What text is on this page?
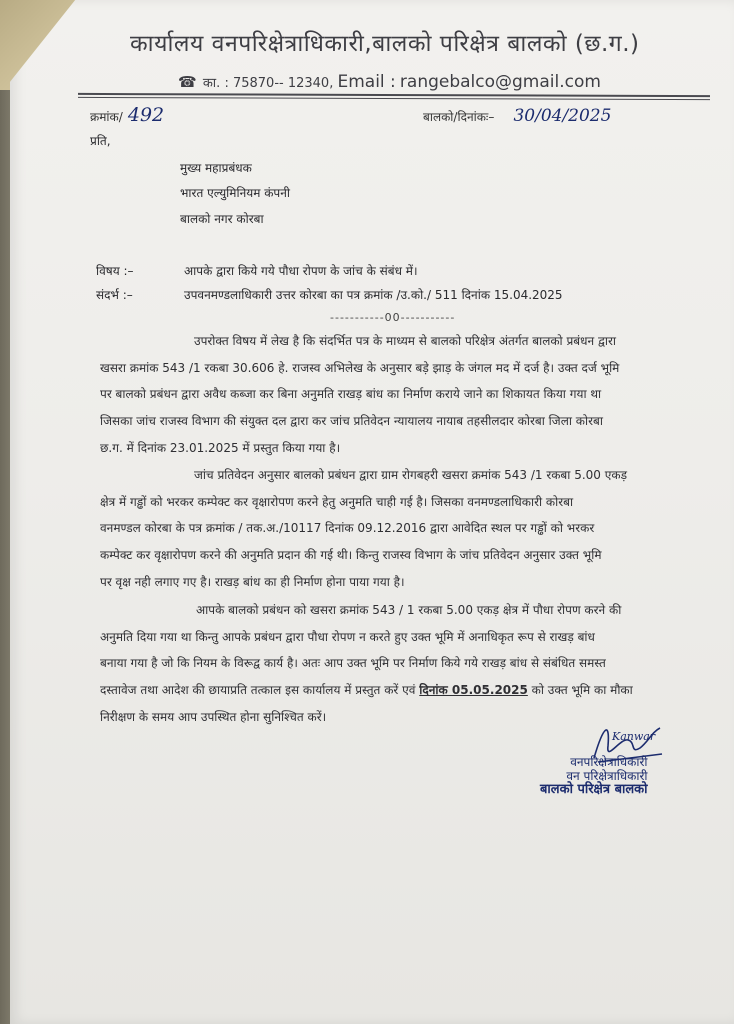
कार्यालय वनपरिक्षेत्राधिकारी,बालको परिक्षेत्र बालको (छ.ग.)
☎ का. : 75870-- 12340, Email : rangebalco@gmail.com
क्रमांक/ 492	बालको/दिनांकः– 30/04/2025
प्रति,
मुख्य महाप्रबंधक
भारत एल्युमिनियम कंपनी
बालको नगर कोरबा
विषय :–	आपके द्वारा किये गये पौधा रोपण के जांच के संबंध में।
संदर्भ :–	उपवनमण्डलाधिकारी उत्तर कोरबा का पत्र क्रमांक /उ.को./ 511 दिनांक 15.04.2025
-----------00-----------
उपरोक्त विषय में लेख है कि संदर्भित पत्र के माध्यम से बालको परिक्षेत्र अंतर्गत बालको प्रबंधन द्वारा
खसरा क्रमांक 543 /1 रकबा 30.606 हे. राजस्व अभिलेख के अनुसार बड़े झाड़ के जंगल मद में दर्ज है। उक्त दर्ज भूमि
पर बालको प्रबंधन द्वारा अवैध कब्जा कर बिना अनुमति राखड़ बांध का निर्माण कराये जाने का शिकायत किया गया था
जिसका जांच राजस्व विभाग की संयुक्त दल द्वारा कर जांच प्रतिवेदन न्यायालय नायाब तहसीलदार कोरबा जिला कोरबा
छ.ग. में दिनांक 23.01.2025 में प्रस्तुत किया गया है।
जांच प्रतिवेदन अनुसार बालको प्रबंधन द्वारा ग्राम रोगबहरी खसरा क्रमांक 543 /1 रकबा 5.00 एकड़
क्षेत्र में गड्ढों को भरकर कम्पेक्ट कर वृक्षारोपण करने हेतु अनुमति चाही गई है। जिसका वनमण्डलाधिकारी कोरबा
वनमण्डल कोरबा के पत्र क्रमांक / तक.अ./10117 दिनांक 09.12.2016 द्वारा आवेदित स्थल पर गड्ढों को भरकर
कम्पेक्ट कर वृक्षारोपण करने की अनुमति प्रदान की गई थी। किन्तु राजस्व विभाग के जांच प्रतिवेदन अनुसार उक्त भूमि
पर वृक्ष नही लगाए गए है। राखड़ बांध का ही निर्माण होना पाया गया है।
आपके बालको प्रबंधन को खसरा क्रमांक 543 / 1 रकबा 5.00 एकड़ क्षेत्र में पौधा रोपण करने की
अनुमति दिया गया था किन्तु आपके प्रबंधन द्वारा पौधा रोपण न करते हुए उक्त भूमि में अनाधिकृत रूप से राखड़ बांध
बनाया गया है जो कि नियम के विरूद्व कार्य है। अतः आप उक्त भूमि पर निर्माण किये गये राखड़ बांध से संबंधित समस्त
दस्तावेज तथा आदेश की छायाप्रति तत्काल इस कार्यालय में प्रस्तुत करें एवं दिनांक 05.05.2025 को उक्त भूमि का मौका
निरीक्षण के समय आप उपस्थित होना सुनिश्चित करें।
Kanwar
वनपरिक्षेत्राधिकारी
वन परिक्षेत्राधिकारी
बालको परिक्षेत्र बालको
